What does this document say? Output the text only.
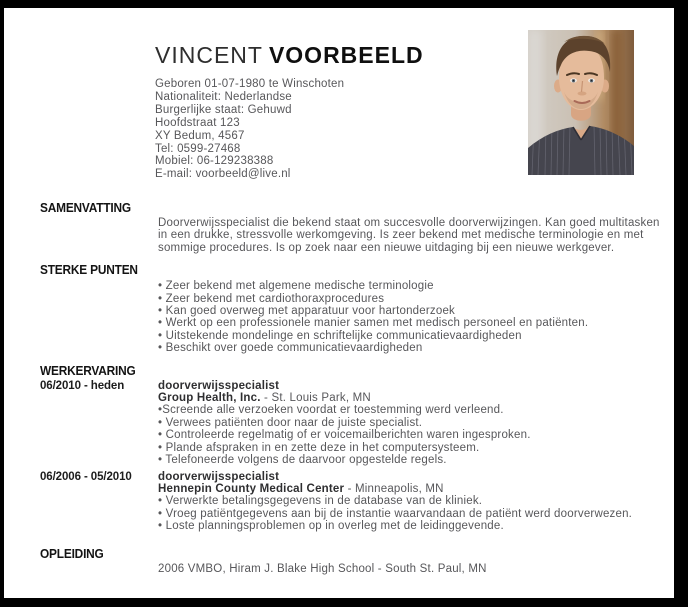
VINCENT VOORBEELD
Geboren 01-07-1980 te Winschoten
Nationaliteit: Nederlandse
Burgerlijke staat: Gehuwd
Hoofdstraat 123
XY Bedum, 4567
Tel: 0599-27468
Mobiel: 06-129238388
E-mail: voorbeeld@live.nl
SAMENVATTING
Doorverwijsspecialist die bekend staat om succesvolle doorverwijzingen. Kan goed multitasken in een drukke, stressvolle werkomgeving. Is zeer bekend met medische terminologie en met sommige procedures. Is op zoek naar een nieuwe uitdaging bij een nieuwe werkgever.
STERKE PUNTEN
• Zeer bekend met algemene medische terminologie
• Zeer bekend met cardiothoraxprocedures
• Kan goed overweg met apparatuur voor hartonderzoek
• Werkt op een professionele manier samen met medisch personeel en patiënten.
• Uitstekende mondelinge en schriftelijke communicatievaardigheden
• Beschikt over goede communicatievaardigheden
WERKERVARING
06/2010 - heden	doorverwijsspecialist
Group Health, Inc. - St. Louis Park, MN
•Screende alle verzoeken voordat er toestemming werd verleend.
• Verwees patiënten door naar de juiste specialist.
• Controleerde regelmatig of er voicemailberichten waren ingesproken.
• Plande afspraken in en zette deze in het computersysteem.
• Telefoneerde volgens de daarvoor opgestelde regels.
06/2006 - 05/2010	doorverwijsspecialist
Hennepin County Medical Center - Minneapolis, MN
• Verwerkte betalingsgegevens in de database van de kliniek.
• Vroeg patiëntgegevens aan bij de instantie waarvandaan de patiënt werd doorverwezen.
• Loste planningsproblemen op in overleg met de leidinggevende.
OPLEIDING
2006 VMBO, Hiram J. Blake High School - South St. Paul, MN
